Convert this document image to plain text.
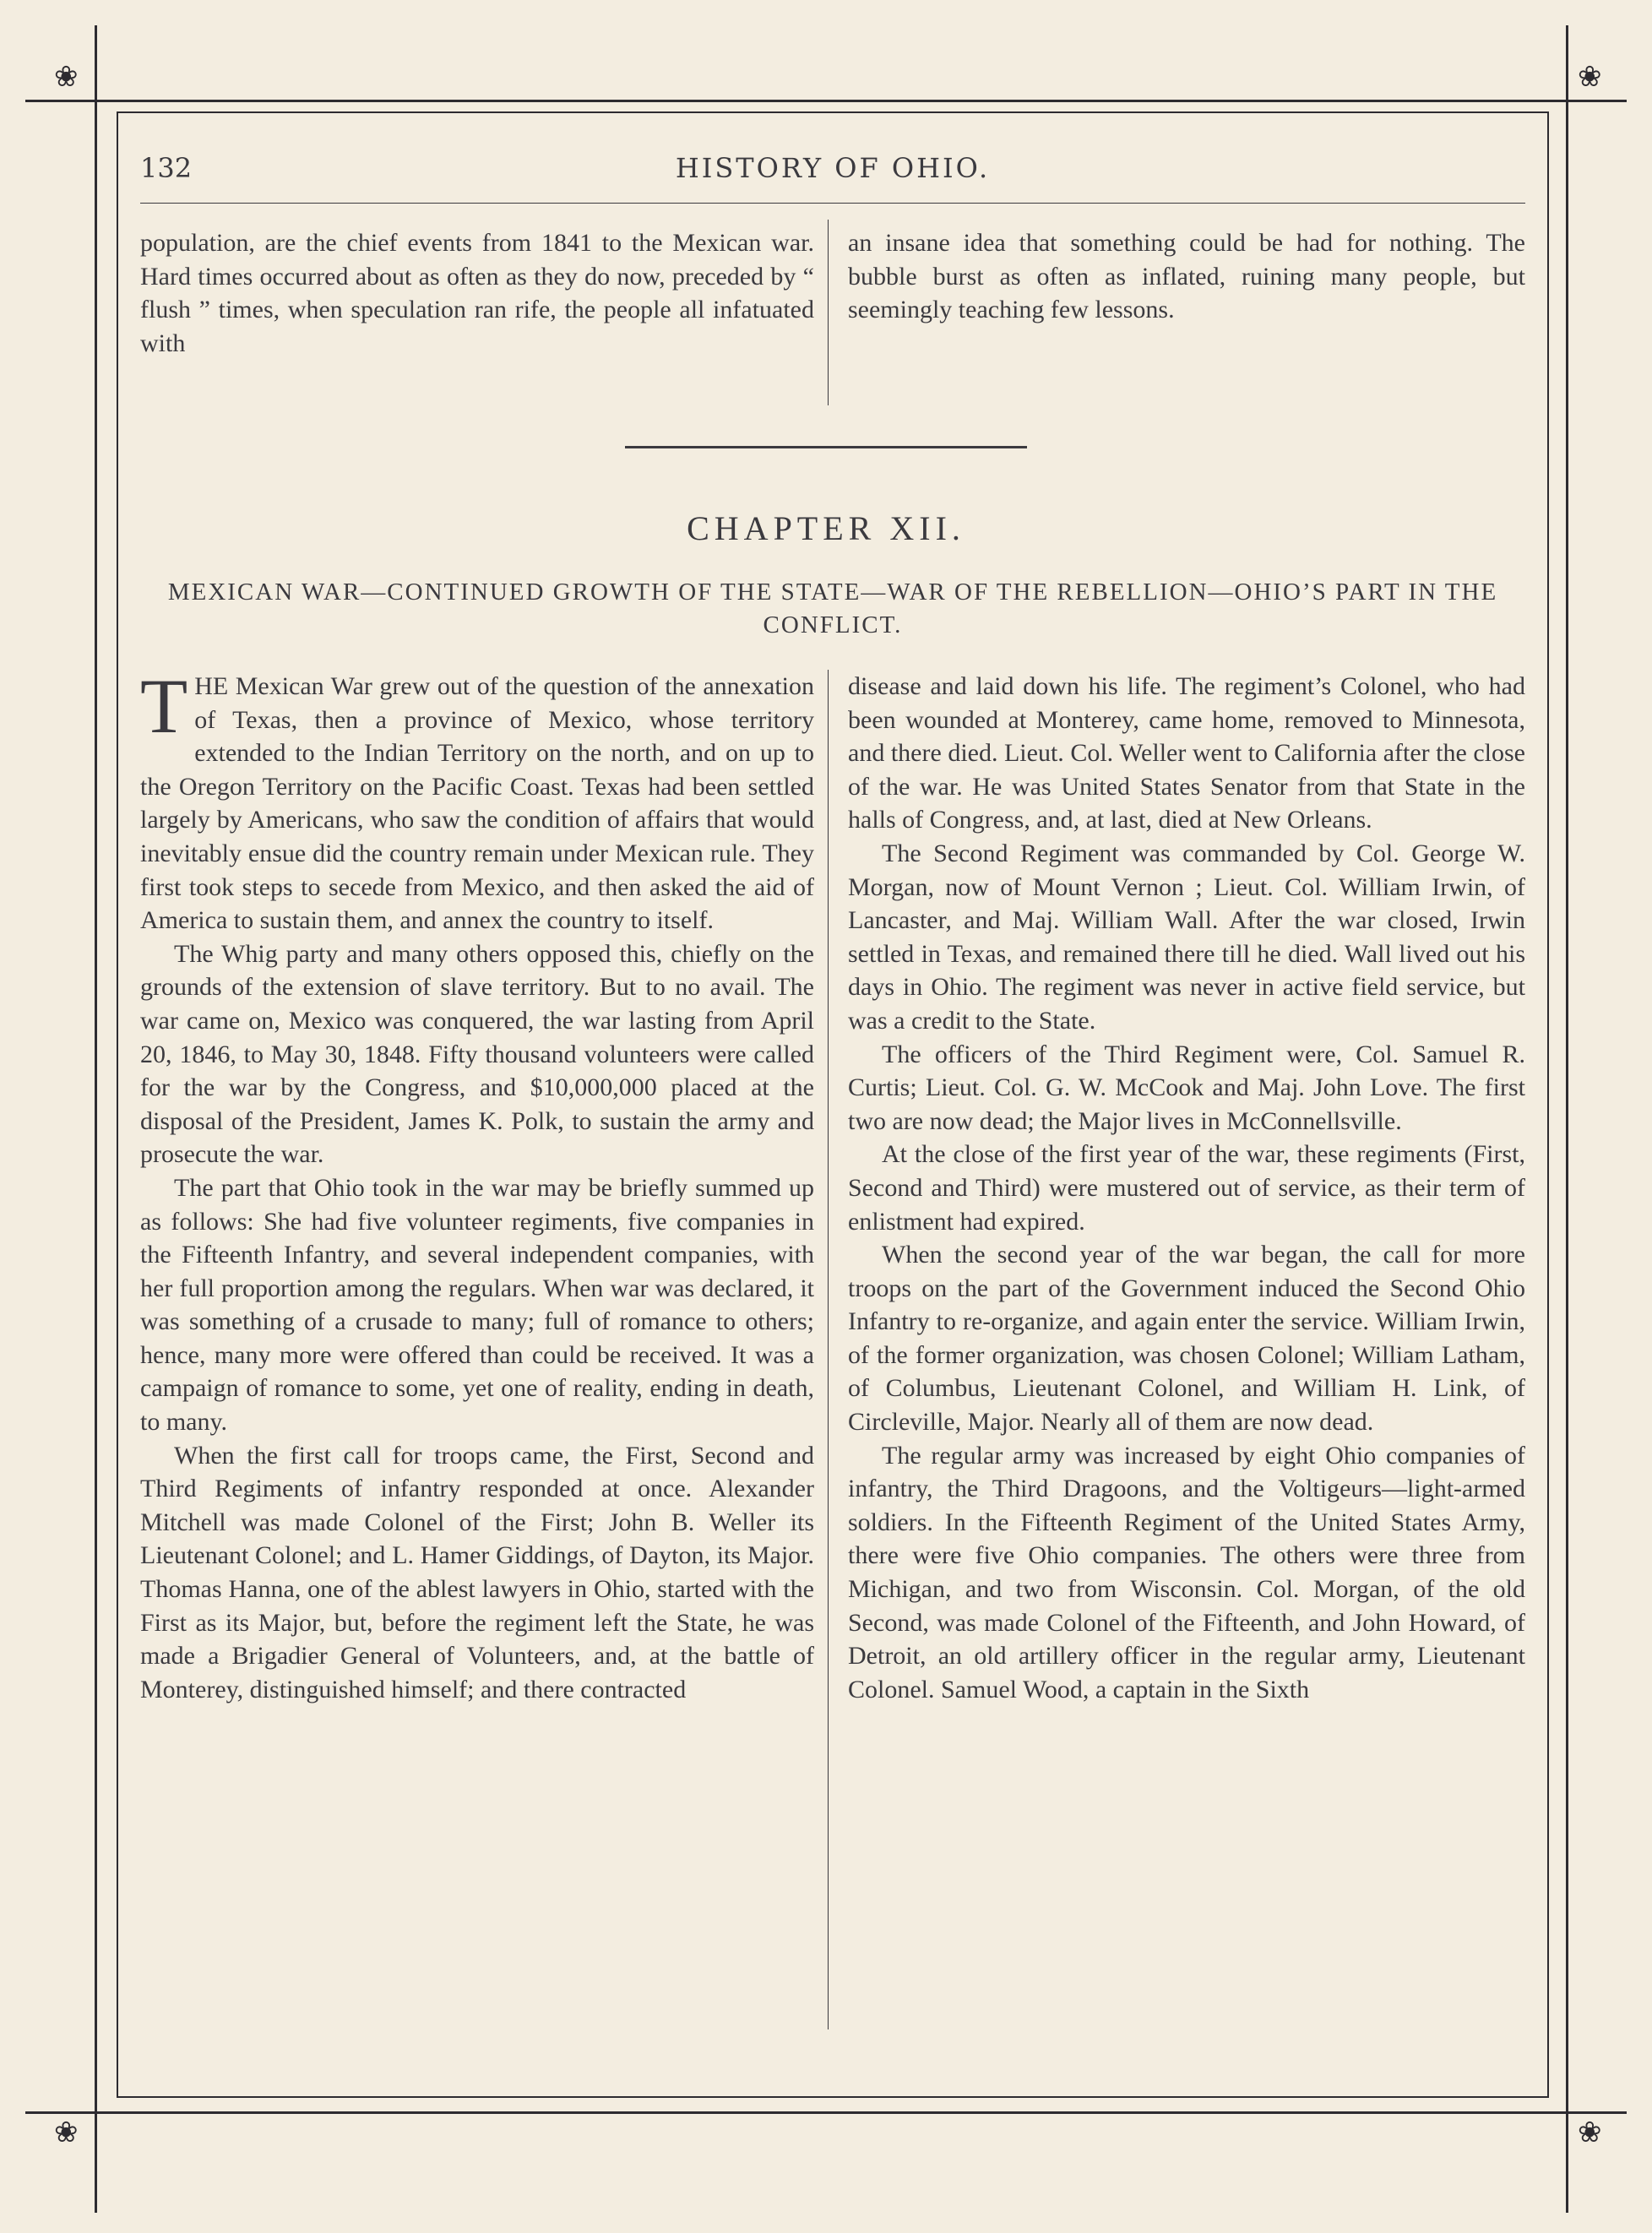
❀	❀
❀	❀
132	HISTORY OF OHIO.

population, are the chief events from 1841 to the Mexican war. Hard times occurred about as often as they do now, preceded by “ flush ” times, when speculation ran rife, the people all infatuated with

an insane idea that something could be had for nothing. The bubble burst as often as inflated, ruining many people, but seemingly teaching few lessons.

CHAPTER XII.
MEXICAN WAR—CONTINUED GROWTH OF THE STATE—WAR OF THE REBELLION—OHIO’S PART IN THE CONFLICT.

THE Mexican War grew out of the question of the annexation of Texas, then a province of Mexico, whose territory extended to the Indian Territory on the north, and on up to the Oregon Territory on the Pacific Coast. Texas had been settled largely by Americans, who saw the condition of affairs that would inevitably ensue did the country remain under Mexican rule. They first took steps to secede from Mexico, and then asked the aid of America to sustain them, and annex the country to itself.

The Whig party and many others opposed this, chiefly on the grounds of the extension of slave territory. But to no avail. The war came on, Mexico was conquered, the war lasting from April 20, 1846, to May 30, 1848. Fifty thousand volunteers were called for the war by the Congress, and $10,000,000 placed at the disposal of the President, James K. Polk, to sustain the army and prosecute the war.

The part that Ohio took in the war may be briefly summed up as follows: She had five volunteer regiments, five companies in the Fifteenth Infantry, and several independent companies, with her full proportion among the regulars. When war was declared, it was something of a crusade to many; full of romance to others; hence, many more were offered than could be received. It was a campaign of romance to some, yet one of reality, ending in death, to many.

When the first call for troops came, the First, Second and Third Regiments of infantry responded at once. Alexander Mitchell was made Colonel of the First; John B. Weller its Lieutenant Colonel; and L. Hamer Giddings, of Dayton, its Major. Thomas Hanna, one of the ablest lawyers in Ohio, started with the First as its Major, but, before the regiment left the State, he was made a Brigadier General of Volunteers, and, at the battle of Monterey, distinguished himself; and there contracted

disease and laid down his life. The regiment’s Colonel, who had been wounded at Monterey, came home, removed to Minnesota, and there died. Lieut. Col. Weller went to California after the close of the war. He was United States Senator from that State in the halls of Congress, and, at last, died at New Orleans.

The Second Regiment was commanded by Col. George W. Morgan, now of Mount Vernon ; Lieut. Col. William Irwin, of Lancaster, and Maj. William Wall. After the war closed, Irwin settled in Texas, and remained there till he died. Wall lived out his days in Ohio. The regiment was never in active field service, but was a credit to the State.

The officers of the Third Regiment were, Col. Samuel R. Curtis; Lieut. Col. G. W. McCook and Maj. John Love. The first two are now dead; the Major lives in McConnellsville.

At the close of the first year of the war, these regiments (First, Second and Third) were mustered out of service, as their term of enlistment had expired.

When the second year of the war began, the call for more troops on the part of the Government induced the Second Ohio Infantry to re-organize, and again enter the service. William Irwin, of the former organization, was chosen Colonel; William Latham, of Columbus, Lieutenant Colonel, and William H. Link, of Circleville, Major. Nearly all of them are now dead.

The regular army was increased by eight Ohio companies of infantry, the Third Dragoons, and the Voltigeurs—light-armed soldiers. In the Fifteenth Regiment of the United States Army, there were five Ohio companies. The others were three from Michigan, and two from Wisconsin. Col. Morgan, of the old Second, was made Colonel of the Fifteenth, and John Howard, of Detroit, an old artillery officer in the regular army, Lieutenant Colonel. Samuel Wood, a captain in the Sixth
